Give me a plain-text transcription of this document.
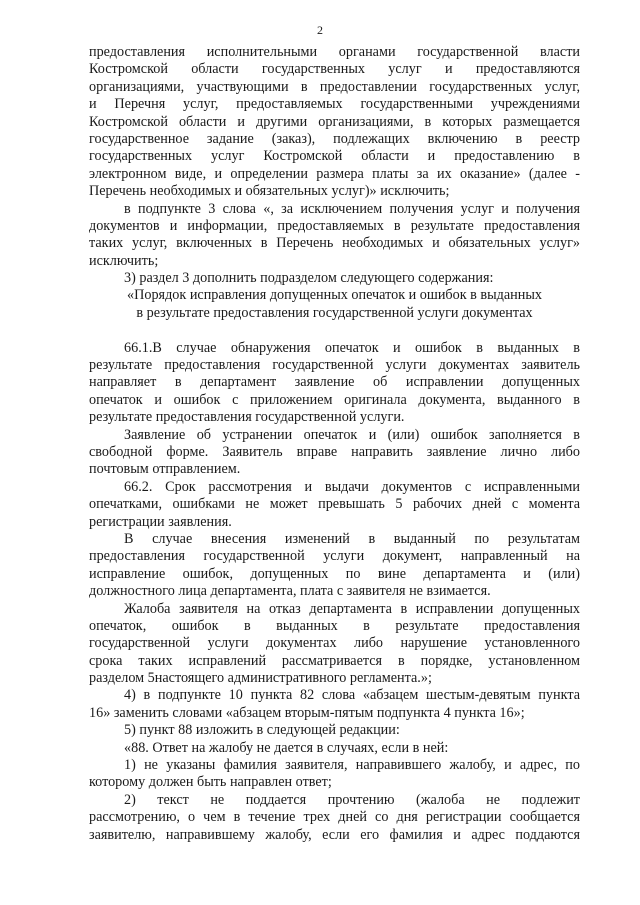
2
предоставления исполнительными органами государственной власти
Костромской области государственных услуг и предоставляются
организациями, участвующими в предоставлении государственных услуг,
и Перечня услуг, предоставляемых государственными учреждениями
Костромской области и другими организациями, в которых размещается
государственное задание (заказ), подлежащих включению в реестр
государственных услуг Костромской области и предоставлению в
электронном виде, и определении размера платы за их оказание» (далее -
Перечень необходимых и обязательных услуг)» исключить;
в подпункте 3 слова «, за исключением получения услуг и получения
документов и информации, предоставляемых в результате предоставления
таких услуг, включенных в Перечень необходимых и обязательных услуг»
исключить;
3) раздел 3 дополнить подразделом следующего содержания:
«Порядок исправления допущенных опечаток и ошибок в выданных
в результате предоставления государственной услуги документах
66.1.В случае обнаружения опечаток и ошибок в выданных в
результате предоставления государственной услуги документах заявитель
направляет в департамент заявление об исправлении допущенных
опечаток и ошибок с приложением оригинала документа, выданного в
результате предоставления государственной услуги.
Заявление об устранении опечаток и (или) ошибок заполняется в
свободной форме. Заявитель вправе направить заявление лично либо
почтовым отправлением.
66.2. Срок рассмотрения и выдачи документов с исправленными
опечатками, ошибками не может превышать 5 рабочих дней с момента
регистрации заявления.
В случае внесения изменений в выданный по результатам
предоставления государственной услуги документ, направленный на
исправление ошибок, допущенных по вине департамента и (или)
должностного лица департамента, плата с заявителя не взимается.
Жалоба заявителя на отказ департамента в исправлении допущенных
опечаток, ошибок в выданных в результате предоставления
государственной услуги документах либо нарушение установленного
срока таких исправлений рассматривается в порядке, установленном
разделом 5настоящего административного регламента.»;
4) в подпункте 10 пункта 82 слова «абзацем шестым-девятым пункта
16» заменить словами «абзацем вторым-пятым подпункта 4 пункта 16»;
5) пункт 88 изложить в следующей редакции:
«88. Ответ на жалобу не дается в случаях, если в ней:
1) не указаны фамилия заявителя, направившего жалобу, и адрес, по
которому должен быть направлен ответ;
2) текст не поддается прочтению (жалоба не подлежит
рассмотрению, о чем в течение трех дней со дня регистрации сообщается
заявителю, направившему жалобу, если его фамилия и адрес поддаются
